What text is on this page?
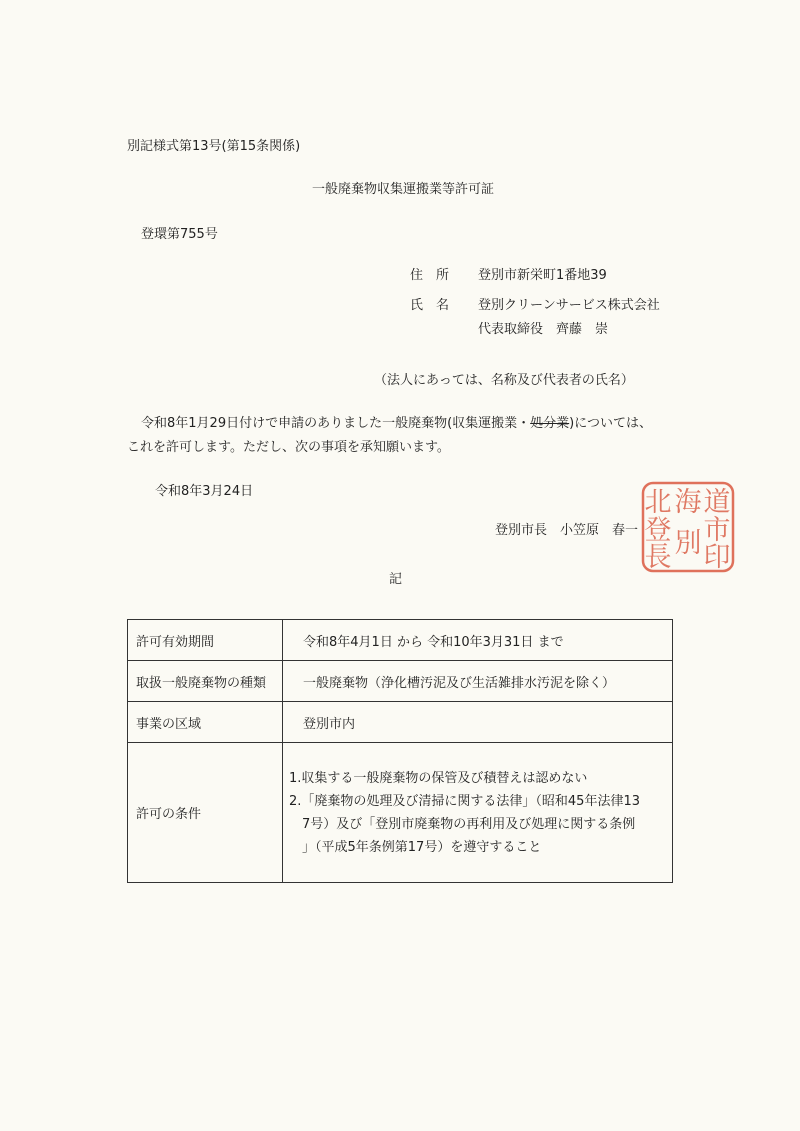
別記様式第13号(第15条関係)
一般廃棄物収集運搬業等許可証
登環第755号
住　所 登別市新栄町1番地39
氏　名 登別クリーンサービス株式会社
代表取締役　齊藤　崇
（法人にあっては、名称及び代表者の氏名）
令和8年1月29日付けで申請のありました一般廃棄物(収集運搬業・処分業)については、
これを許可します。ただし、次の事項を承知願います。
令和8年3月24日
登別市長　小笠原　春一
北
登
長
海
別
道
市
印
記
許可有効期間	令和8年4月1日 から 令和10年3月31日 まで
取扱一般廃棄物の種類	一般廃棄物（浄化槽汚泥及び生活雑排水汚泥を除く）
事業の区域	登別市内
許可の条件	1.収集する一般廃棄物の保管及び積替えは認めない
2.「廃棄物の処理及び清掃に関する法律」（昭和45年法律13
　7号）及び「登別市廃棄物の再利用及び処理に関する条例
　」（平成5年条例第17号）を遵守すること
